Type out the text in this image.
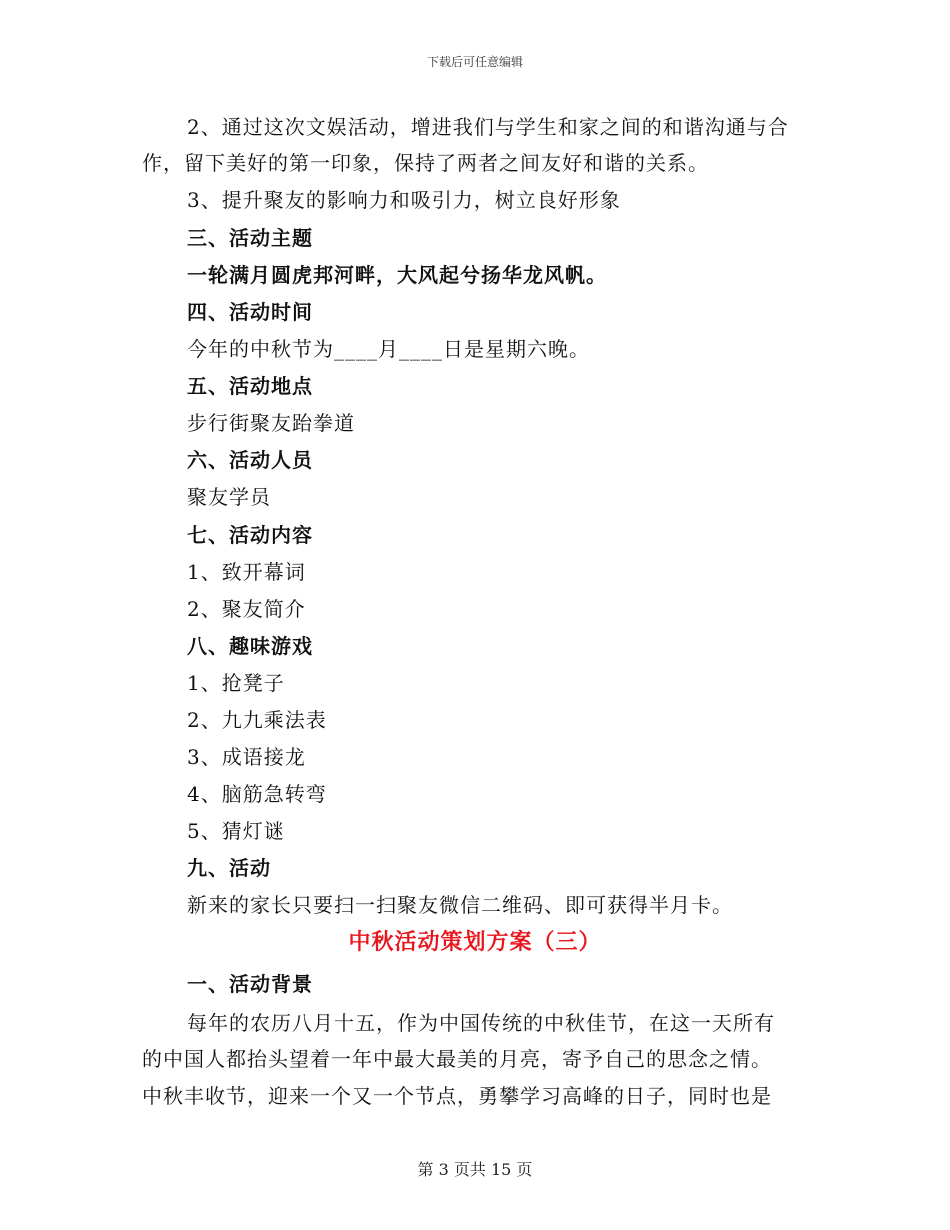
下载后可任意编辑
2、通过这次文娱活动，增进我们与学生和家之间的和谐沟通与合
作，留下美好的第一印象，保持了两者之间友好和谐的关系。
3、提升聚友的影响力和吸引力，树立良好形象
三、活动主题
一轮满月圆虎邦河畔，大风起兮扬华龙风帆。
四、活动时间
今年的中秋节为____月____日是星期六晚。
五、活动地点
步行街聚友跆拳道
六、活动人员
聚友学员
七、活动内容
1、致开幕词
2、聚友简介
八、趣味游戏
1、抢凳子
2、九九乘法表
3、成语接龙
4、脑筋急转弯
5、猜灯谜
九、活动
新来的家长只要扫一扫聚友微信二维码、即可获得半月卡。
中秋活动策划方案（三）
一、活动背景
每年的农历八月十五，作为中国传统的中秋佳节，在这一天所有
的中国人都抬头望着一年中最大最美的月亮，寄予自己的思念之情。
中秋丰收节，迎来一个又一个节点，勇攀学习高峰的日子，同时也是
第 3 页共 15 页
